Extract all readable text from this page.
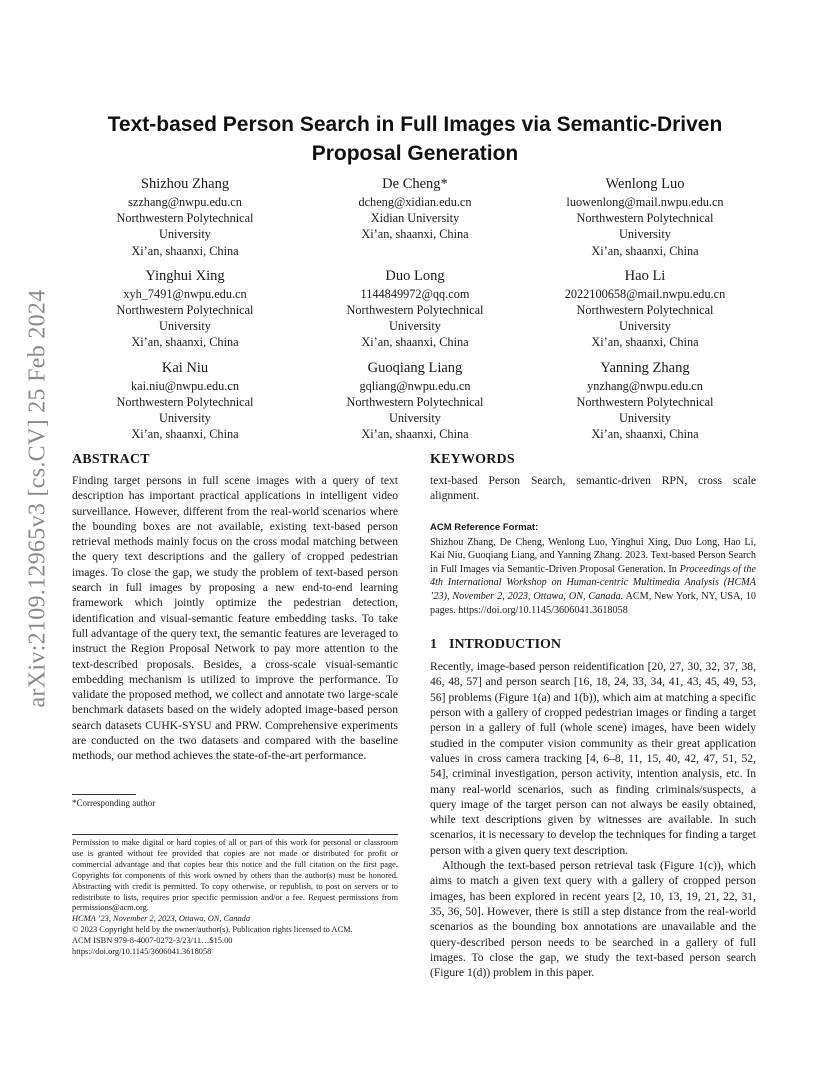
arXiv:2109.12965v3 [cs.CV] 25 Feb 2024
Text-based Person Search in Full Images via Semantic-Driven Proposal Generation
Shizhou Zhang
szzhang@nwpu.edu.cn
Northwestern Polytechnical
University
Xi’an, shaanxi, China
De Cheng*
dcheng@xidian.edu.cn
Xidian University
Xi’an, shaanxi, China
Wenlong Luo
luowenlong@mail.nwpu.edu.cn
Northwestern Polytechnical
University
Xi’an, shaanxi, China
Yinghui Xing
xyh_7491@nwpu.edu.cn
Northwestern Polytechnical
University
Xi’an, shaanxi, China
Duo Long
1144849972@qq.com
Northwestern Polytechnical
University
Xi’an, shaanxi, China
Hao Li
2022100658@mail.nwpu.edu.cn
Northwestern Polytechnical
University
Xi’an, shaanxi, China
Kai Niu
kai.niu@nwpu.edu.cn
Northwestern Polytechnical
University
Xi’an, shaanxi, China
Guoqiang Liang
gqliang@nwpu.edu.cn
Northwestern Polytechnical
University
Xi’an, shaanxi, China
Yanning Zhang
ynzhang@nwpu.edu.cn
Northwestern Polytechnical
University
Xi’an, shaanxi, China
ABSTRACT

Finding target persons in full scene images with a query of text description has important practical applications in intelligent video surveillance. However, different from the real-world scenarios where the bounding boxes are not available, existing text-based person retrieval methods mainly focus on the cross modal matching between the query text descriptions and the gallery of cropped pedestrian images. To close the gap, we study the problem of text-based person search in full images by proposing a new end-to-end learning framework which jointly optimize the pedestrian detection, identification and visual-semantic feature embedding tasks. To take full advantage of the query text, the semantic features are leveraged to instruct the Region Proposal Network to pay more attention to the text-described proposals. Besides, a cross-scale visual-semantic embedding mechanism is utilized to improve the performance. To validate the proposed method, we collect and annotate two large-scale benchmark datasets based on the widely adopted image-based person search datasets CUHK-SYSU and PRW. Comprehensive experiments are conducted on the two datasets and compared with the baseline methods, our method achieves the state-of-the-art performance.

*Corresponding author

Permission to make digital or hard copies of all or part of this work for personal or classroom use is granted without fee provided that copies are not made or distributed for profit or commercial advantage and that copies bear this notice and the full citation on the first page. Copyrights for components of this work owned by others than the author(s) must be honored. Abstracting with credit is permitted. To copy otherwise, or republish, to post on servers or to redistribute to lists, requires prior specific permission and/or a fee. Request permissions from permissions@acm.org.

HCMA ’23, November 2, 2023, Ottawa, ON, Canada

© 2023 Copyright held by the owner/author(s). Publication rights licensed to ACM.

ACM ISBN 979-8-4007-0272-3/23/11…$15.00

https://doi.org/10.1145/3606041.3618058

KEYWORDS

text-based Person Search, semantic-driven RPN, cross scale alignment.

ACM Reference Format:

Shizhou Zhang, De Cheng, Wenlong Luo, Yinghui Xing, Duo Long, Hao Li, Kai Niu, Guoqiang Liang, and Yanning Zhang. 2023. Text-based Person Search in Full Images via Semantic-Driven Proposal Generation. In Proceedings of the 4th International Workshop on Human-centric Multimedia Analysis (HCMA ’23), November 2, 2023, Ottawa, ON, Canada. ACM, New York, NY, USA, 10 pages. https://doi.org/10.1145/3606041.3618058

1 INTRODUCTION

Recently, image-based person reidentification [20, 27, 30, 32, 37, 38, 46, 48, 57] and person search [16, 18, 24, 33, 34, 41, 43, 45, 49, 53, 56] problems (Figure 1(a) and 1(b)), which aim at matching a specific person with a gallery of cropped pedestrian images or finding a target person in a gallery of full (whole scene) images, have been widely studied in the computer vision community as their great application values in cross camera tracking [4, 6–8, 11, 15, 40, 42, 47, 51, 52, 54], criminal investigation, person activity, intention analysis, etc. In many real-world scenarios, such as finding criminals/suspects, a query image of the target person can not always be easily obtained, while text descriptions given by witnesses are available. In such scenarios, it is necessary to develop the techniques for finding a target person with a given query text description.

Although the text-based person retrieval task (Figure 1(c)), which aims to match a given text query with a gallery of cropped person images, has been explored in recent years [2, 10, 13, 19, 21, 22, 31, 35, 36, 50]. However, there is still a step distance from the real-world scenarios as the bounding box annotations are unavailable and the query-described person needs to be searched in a gallery of full images. To close the gap, we study the text-based person search (Figure 1(d)) problem in this paper.
